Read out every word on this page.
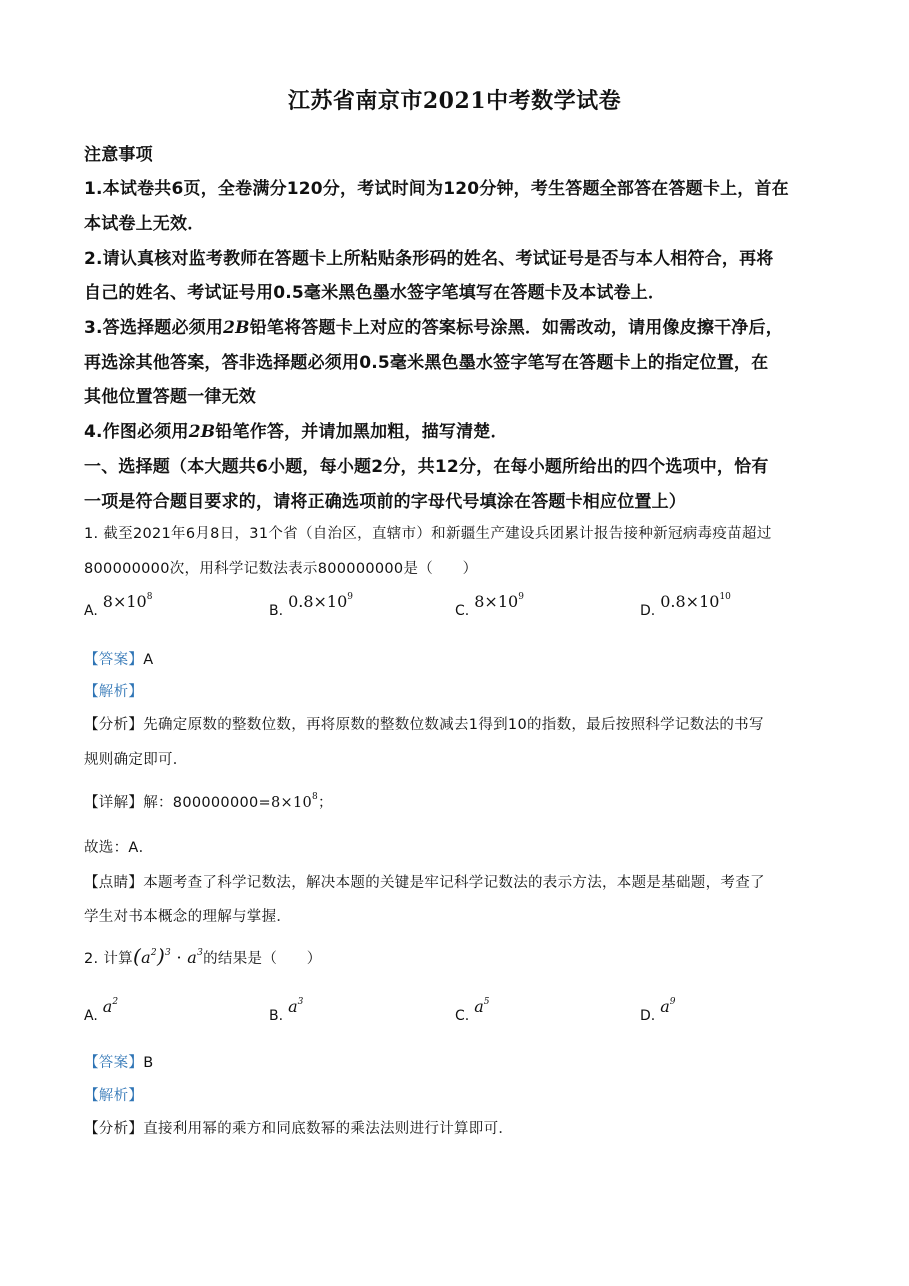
江苏省南京市2021中考数学试卷
注意事项
1.本试卷共6页，全卷满分120分，考试时间为120分钟，考生答题全部答在答题卡上，首在
本试卷上无效．
2.请认真核对监考教师在答题卡上所粘贴条形码的姓名、考试证号是否与本人相符合，再将
自己的姓名、考试证号用0.5毫米黑色墨水签字笔填写在答题卡及本试卷上．
3.答选择题必须用2B铅笔将答题卡上对应的答案标号涂黑．如需改动，请用像皮擦干净后，
再选涂其他答案，答非选择题必须用0.5毫米黑色墨水签字笔写在答题卡上的指定位置，在
其他位置答题一律无效
4.作图必须用2B铅笔作答，并请加黑加粗，描写清楚．
一、选择题（本大题共6小题，每小题2分，共12分，在每小题所给出的四个选项中，恰有
一项是符合题目要求的，请将正确选项前的字母代号填涂在答题卡相应位置上）
1. 截至2021年6月8日，31个省（自治区，直辖市）和新疆生产建设兵团累计报告接种新冠病毒疫苗超过
800000000次，用科学记数法表示800000000是（　　）
A. $8\times 10^8$
B. $0.8\times 10^9$
C. $8\times 10^9$
D. $0.8\times 10^{10}$
【答案】A
【解析】
【分析】先确定原数的整数位数，再将原数的整数位数减去1得到10的指数，最后按照科学记数法的书写
规则确定即可．
【详解】解：$800000000=8\times 10^8$；
故选：A．
【点睛】本题考查了科学记数法，解决本题的关键是牢记科学记数法的表示方法，本题是基础题，考查了
学生对书本概念的理解与掌握．
2. 计算$(a^2)^3 \cdot a^3$的结果是（　　）
A. $a^2$
B. $a^3$
C. $a^5$
D. $a^9$
【答案】B
【解析】
【分析】直接利用幂的乘方和同底数幂的乘法法则进行计算即可．
